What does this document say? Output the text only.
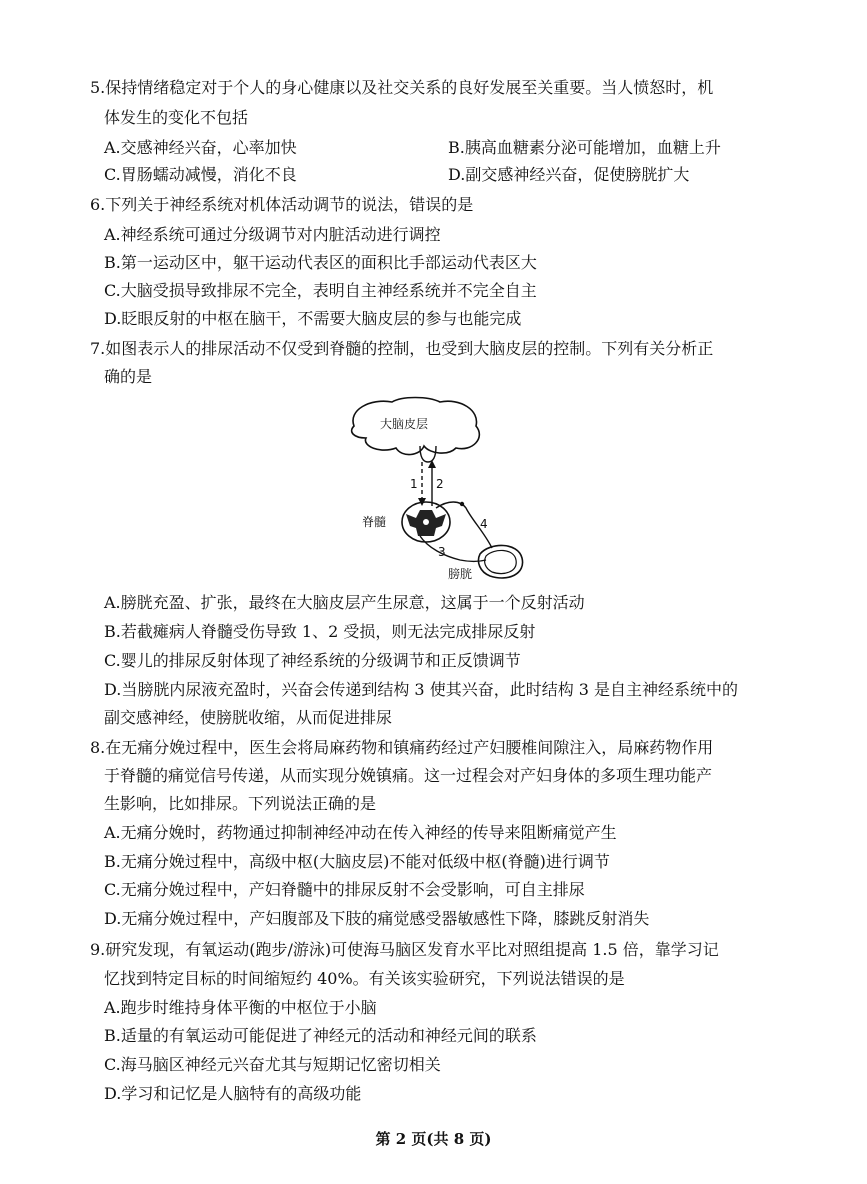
5.保持情绪稳定对于个人的身心健康以及社交关系的良好发展至关重要。当人愤怒时，机
体发生的变化不包括
A.交感神经兴奋，心率加快	B.胰高血糖素分泌可能增加，血糖上升
C.胃肠蠕动减慢，消化不良	D.副交感神经兴奋，促使膀胱扩大
6.下列关于神经系统对机体活动调节的说法，错误的是
A.神经系统可通过分级调节对内脏活动进行调控
B.第一运动区中，躯干运动代表区的面积比手部运动代表区大
C.大脑受损导致排尿不完全，表明自主神经系统并不完全自主
D.眨眼反射的中枢在脑干，不需要大脑皮层的参与也能完成
7.如图表示人的排尿活动不仅受到脊髓的控制，也受到大脑皮层的控制。下列有关分析正
确的是
大脑皮层
1 2
脊髓	4
3
膀胱
A.膀胱充盈、扩张，最终在大脑皮层产生尿意，这属于一个反射活动
B.若截瘫病人脊髓受伤导致 1、2 受损，则无法完成排尿反射
C.婴儿的排尿反射体现了神经系统的分级调节和正反馈调节
D.当膀胱内尿液充盈时，兴奋会传递到结构 3 使其兴奋，此时结构 3 是自主神经系统中的
副交感神经，使膀胱收缩，从而促进排尿
8.在无痛分娩过程中，医生会将局麻药物和镇痛药经过产妇腰椎间隙注入，局麻药物作用
于脊髓的痛觉信号传递，从而实现分娩镇痛。这一过程会对产妇身体的多项生理功能产
生影响，比如排尿。下列说法正确的是
A.无痛分娩时，药物通过抑制神经冲动在传入神经的传导来阻断痛觉产生
B.无痛分娩过程中，高级中枢(大脑皮层)不能对低级中枢(脊髓)进行调节
C.无痛分娩过程中，产妇脊髓中的排尿反射不会受影响，可自主排尿
D.无痛分娩过程中，产妇腹部及下肢的痛觉感受器敏感性下降，膝跳反射消失
9.研究发现，有氧运动(跑步/游泳)可使海马脑区发育水平比对照组提高 1.5 倍，靠学习记
忆找到特定目标的时间缩短约 40%。有关该实验研究，下列说法错误的是
A.跑步时维持身体平衡的中枢位于小脑
B.适量的有氧运动可能促进了神经元的活动和神经元间的联系
C.海马脑区神经元兴奋尤其与短期记忆密切相关
D.学习和记忆是人脑特有的高级功能
第 2 页(共 8 页)
